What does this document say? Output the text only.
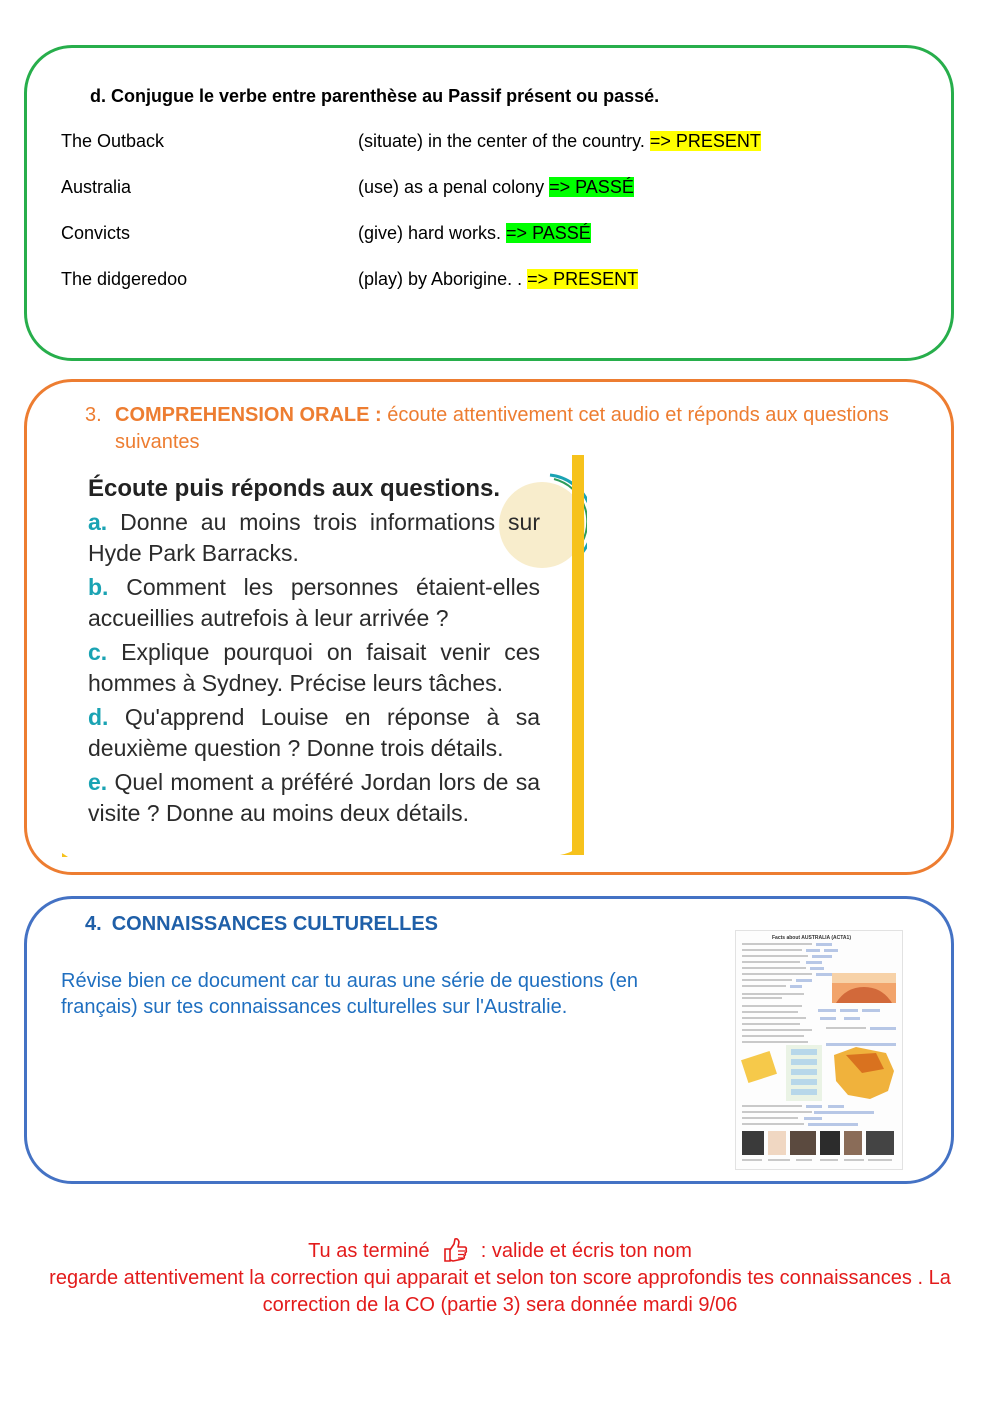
d. Conjugue le verbe entre parenthèse au Passif présent ou passé.
The Outback	(situate) in the center of the country. => PRESENT
Australia	(use) as a penal colony => PASSÉ
Convicts	(give) hard works. => PASSÉ
The didgeredoo	(play) by Aborigine. . => PRESENT
3. COMPREHENSION ORALE : écoute attentivement cet audio et réponds aux questions suivantes
Écoute puis réponds aux questions.

a. Donne au moins trois informations sur Hyde Park Barracks.

b. Comment les personnes étaient-elles accueillies autrefois à leur arrivée ?

c. Explique pourquoi on faisait venir ces hommes à Sydney. Précise leurs tâches.

d. Qu'apprend Louise en réponse à sa deuxième question ? Donne trois détails.

e. Quel moment a préféré Jordan lors de sa visite ? Donne au moins deux détails.

4. CONNAISSANCES CULTURELLES
Révise bien ce document car tu auras une série de questions (en français) sur tes connaissances culturelles sur l'Australie.
Facts about AUSTRALIA (ACTA1)
Tu as terminé	: valide et écris ton nom
regarde attentivement la correction qui apparait et selon ton score approfondis tes connaissances . La correction de la CO (partie 3) sera donnée mardi 9/06
